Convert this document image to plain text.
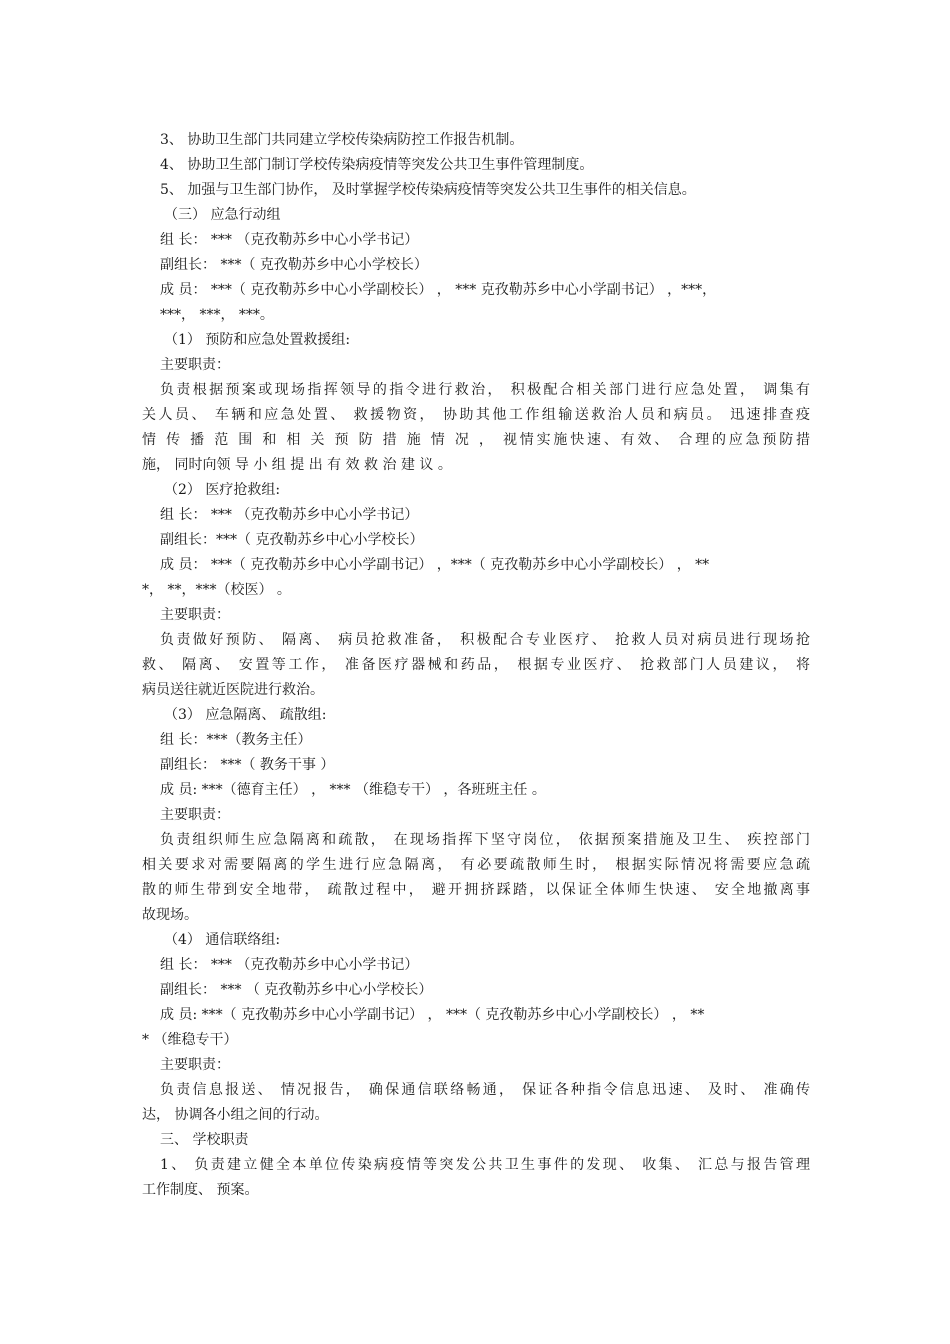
3、 协助卫生部门共同建立学校传染病防控工作报告机制。
4、 协助卫生部门制订学校传染病疫情等突发公共卫生事件管理制度。
5、 加强与卫生部门协作， 及时掌握学校传染病疫情等突发公共卫生事件的相关信息。
（三） 应急行动组
组 长： *** （克孜勒苏乡中心小学书记）
副组长： ***（ 克孜勒苏乡中心小学校长）
成 员： ***（ 克孜勒苏乡中心小学副校长） ， *** 克孜勒苏乡中心小学副书记） ，***，
***， ***， ***。
（1） 预防和应急处置救援组:
主要职责：
负责根据预案或现场指挥领导的指令进行救治， 积极配合相关部门进行应急处置， 调集有
关人员、 车辆和应急处置、 救援物资， 协助其他工作组输送救治人员和病员。 迅速排查疫
情 传 播 范 围 和 相 关 预 防 措 施 情 况 ， 视情实施快速、有效、 合理的应急预防措
施， 同时向领 导 小 组 提 出 有 效 救 治 建 议 。
（2） 医疗抢救组:
组 长： *** （克孜勒苏乡中心小学书记）
副组长：***（ 克孜勒苏乡中心小学校长）
成 员： ***（ 克孜勒苏乡中心小学副书记） ，***（ 克孜勒苏乡中心小学副校长） ， **
*， **，***（校医） 。
主要职责：
负责做好预防、 隔离、 病员抢救准备， 积极配合专业医疗、 抢救人员对病员进行现场抢
救、 隔离、 安置等工作， 准备医疗器械和药品， 根据专业医疗、 抢救部门人员建议， 将
病员送往就近医院进行救治。
（3） 应急隔离、 疏散组:
组 长：***（教务主任）
副组长： ***（ 教务干事 ）
成 员: ***（德育主任） ， *** （维稳专干） ，各班班主任 。
主要职责：
负责组织师生应急隔离和疏散， 在现场指挥下坚守岗位， 依据预案措施及卫生、 疾控部门
相关要求对需要隔离的学生进行应急隔离， 有必要疏散师生时， 根据实际情况将需要应急疏
散的师生带到安全地带， 疏散过程中， 避开拥挤踩踏，以保证全体师生快速、 安全地撤离事
故现场。
（4） 通信联络组:
组 长： *** （克孜勒苏乡中心小学书记）
副组长： *** （ 克孜勒苏乡中心小学校长）
成 员: ***（ 克孜勒苏乡中心小学副书记） ， ***（ 克孜勒苏乡中心小学副校长） ， **
* （维稳专干）
主要职责：
负责信息报送、 情况报告， 确保通信联络畅通， 保证各种指令信息迅速、 及时、 准确传
达， 协调各小组之间的行动。
三、 学校职责
1、 负责建立健全本单位传染病疫情等突发公共卫生事件的发现、 收集、 汇总与报告管理
工作制度、 预案。
